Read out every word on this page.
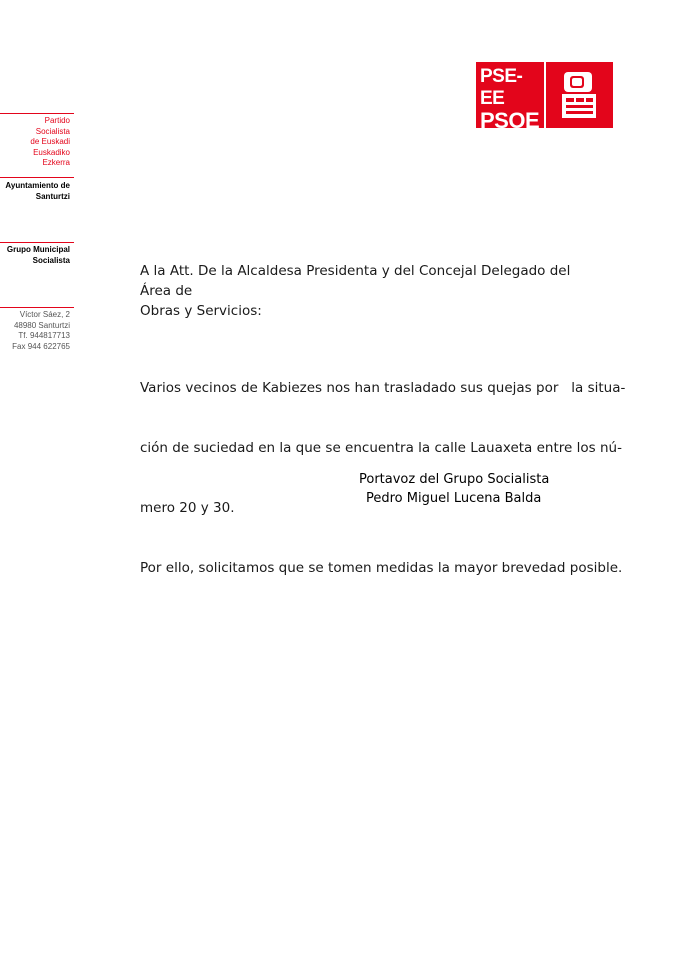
PSE-EE
PSOE
Partido
Socialista
de Euskadi
Euskadiko
Ezkerra
Ayuntamiento de
Santurtzi
Grupo Municipal
Socialista
Víctor Sáez, 2
48980 Santurtzi
Tf. 944817713
Fax 944 622765
A la Att. De la Alcaldesa Presidenta y del Concejal Delegado del Área de
Obras y Servicios:

Varios vecinos de Kabiezes nos han trasladado sus quejas por   la situa-

ción de suciedad en la que se encuentra la calle Lauaxeta entre los nú-

mero 20 y 30.

Por ello, solicitamos que se tomen medidas la mayor brevedad posible.

Portavoz del Grupo Socialista
Pedro Miguel Lucena Balda
